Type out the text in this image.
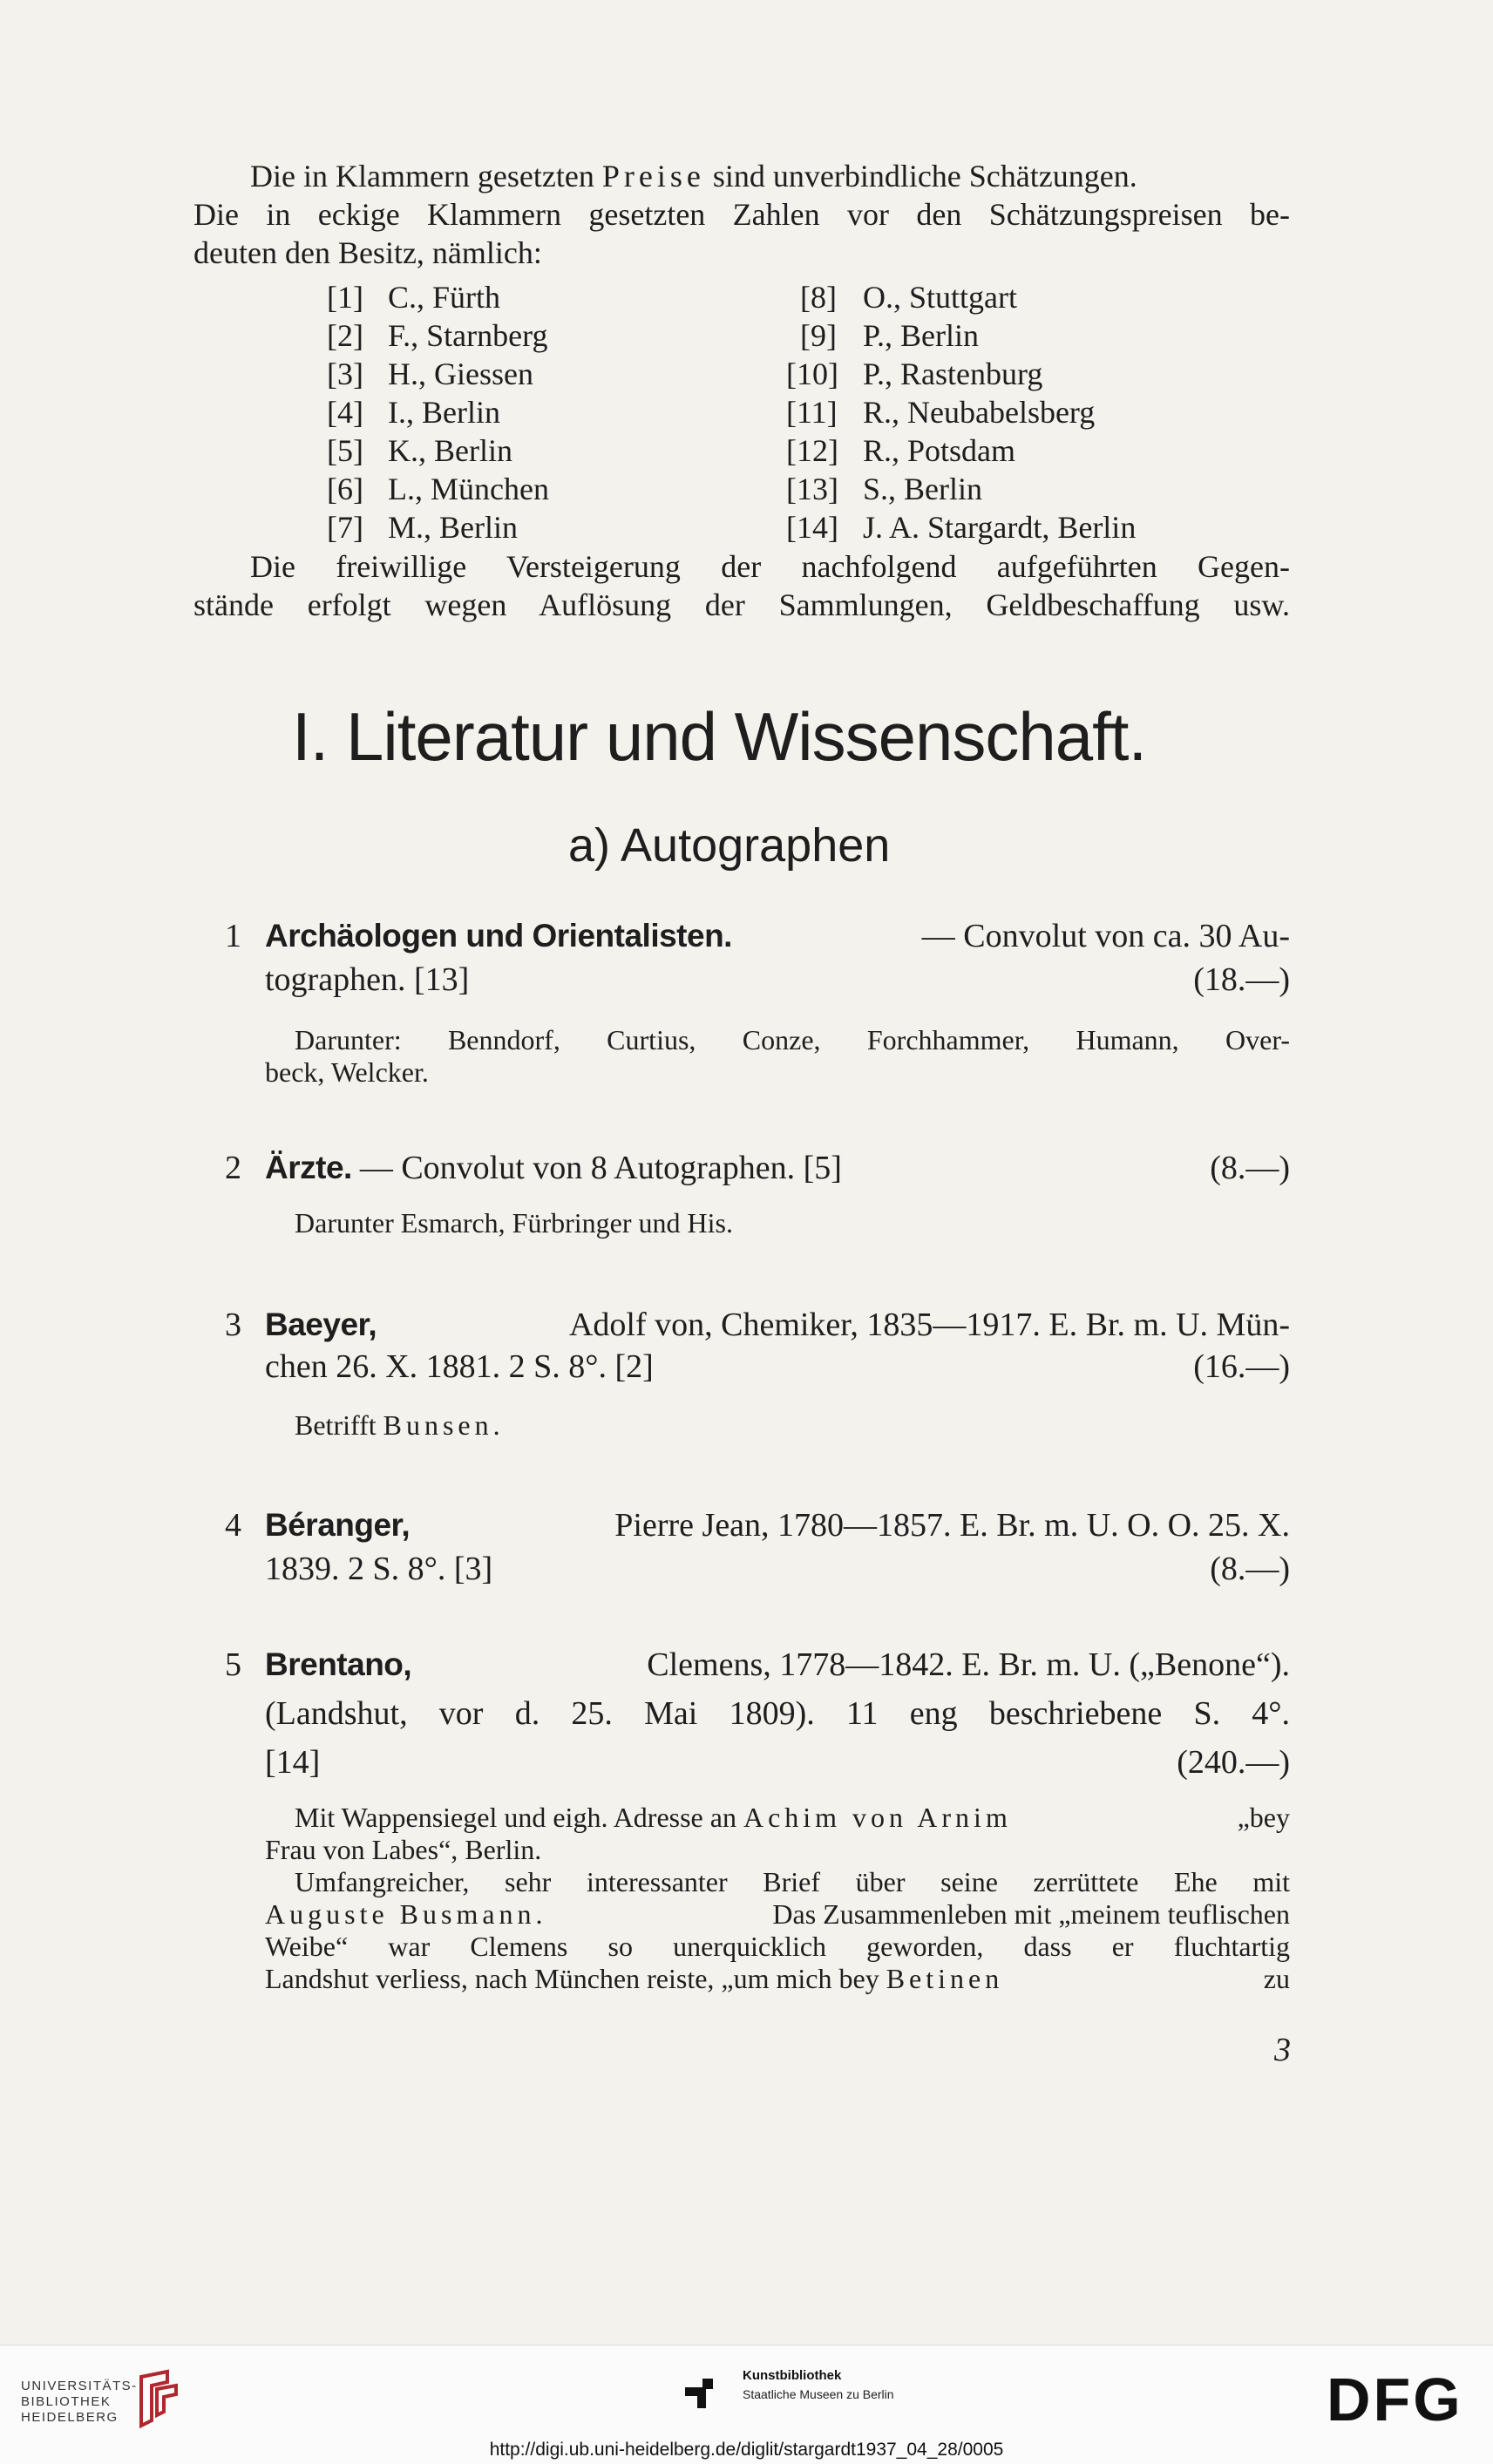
Die in Klammern gesetzten Preise sind unverbindliche Schätzungen.
Die in eckige Klammern gesetzten Zahlen vor den Schätzungspreisen be-
deuten den Besitz, nämlich:
[1] C., Fürth
[2] F., Starnberg
[3] H., Giessen
[4] I., Berlin
[5] K., Berlin
[6] L., München
[7] M., Berlin
[8] O., Stuttgart
[9] P., Berlin
[10] P., Rastenburg
[11] R., Neubabelsberg
[12] R., Potsdam
[13] S., Berlin
[14] J. A. Stargardt, Berlin
Die freiwillige Versteigerung der nachfolgend aufgeführten Gegen-
stände erfolgt wegen Auflösung der Sammlungen, Geldbeschaffung usw.
I. Literatur und Wissenschaft.
a) Autographen
1 Archäologen und Orientalisten.	— Convolut von ca. 30 Au-
tographen. [13]	(18.—)
Darunter: Benndorf, Curtius, Conze, Forchhammer, Humann, Over-
beck, Welcker.
2 Ärzte. — Convolut von 8 Autographen. [5]	(8.—)
Darunter Esmarch, Fürbringer und His.
3 Baeyer,	Adolf von, Chemiker, 1835—1917. E. Br. m. U. Mün-
chen 26. X. 1881. 2 S. 8°. [2]	(16.—)
Betrifft Bunsen.
4 Béranger,	Pierre Jean, 1780—1857. E. Br. m. U. O. O. 25. X.
1839. 2 S. 8°. [3]	(8.—)
5 Brentano,	Clemens, 1778—1842. E. Br. m. U. („Benone“).
(Landshut, vor d. 25. Mai 1809). 11 eng beschriebene S. 4°.
[14]	(240.—)
Mit Wappensiegel und eigh. Adresse an Achim von Arnim	„bey
Frau von Labes“, Berlin.
Umfangreicher, sehr interessanter Brief über seine zerrüttete Ehe mit
Auguste Busmann.	Das Zusammenleben mit „meinem teuflischen
Weibe“ war Clemens so unerquicklich geworden, dass er fluchtartig
Landshut verliess, nach München reiste, „um mich bey Betinen	zu
3
UNIVERSITÄTS-
BIBLIOTHEK
HEIDELBERG
Kunstbibliothek
Staatliche Museen zu Berlin	DFG
http://digi.ub.uni-heidelberg.de/diglit/stargardt1937_04_28/0005
